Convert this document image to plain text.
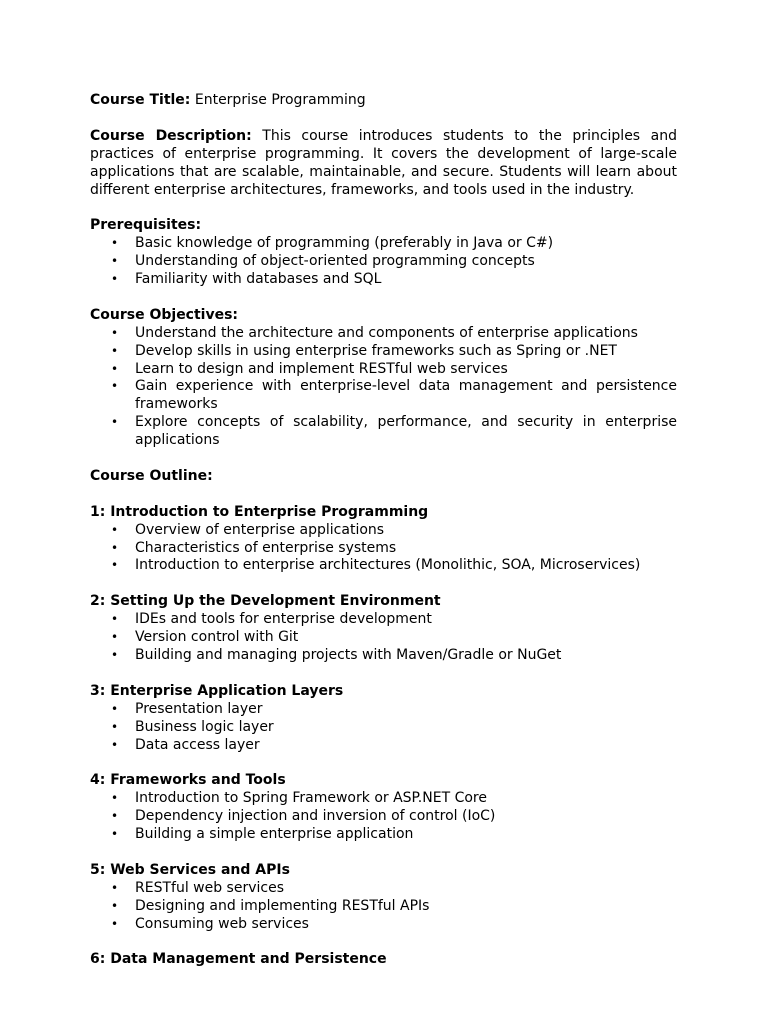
Course Title: Enterprise Programming

Course Description: This course introduces students to the principles and practices of enterprise programming. It covers the development of large-scale applications that are scalable, maintainable, and secure. Students will learn about different enterprise architectures, frameworks, and tools used in the industry.

Prerequisites:

• Basic knowledge of programming (preferably in Java or C#)
• Understanding of object-oriented programming concepts
• Familiarity with databases and SQL

Course Objectives:

• Understand the architecture and components of enterprise applications
• Develop skills in using enterprise frameworks such as Spring or .NET
• Learn to design and implement RESTful web services
• Gain experience with enterprise-level data management and persistence frameworks
• Explore concepts of scalability, performance, and security in enterprise applications

Course Outline:

1: Introduction to Enterprise Programming

• Overview of enterprise applications
• Characteristics of enterprise systems
• Introduction to enterprise architectures (Monolithic, SOA, Microservices)

2: Setting Up the Development Environment

• IDEs and tools for enterprise development
• Version control with Git
• Building and managing projects with Maven/Gradle or NuGet

3: Enterprise Application Layers

• Presentation layer
• Business logic layer
• Data access layer

4: Frameworks and Tools

• Introduction to Spring Framework or ASP.NET Core
• Dependency injection and inversion of control (IoC)
• Building a simple enterprise application

5: Web Services and APIs

• RESTful web services
• Designing and implementing RESTful APIs
• Consuming web services

6: Data Management and Persistence
